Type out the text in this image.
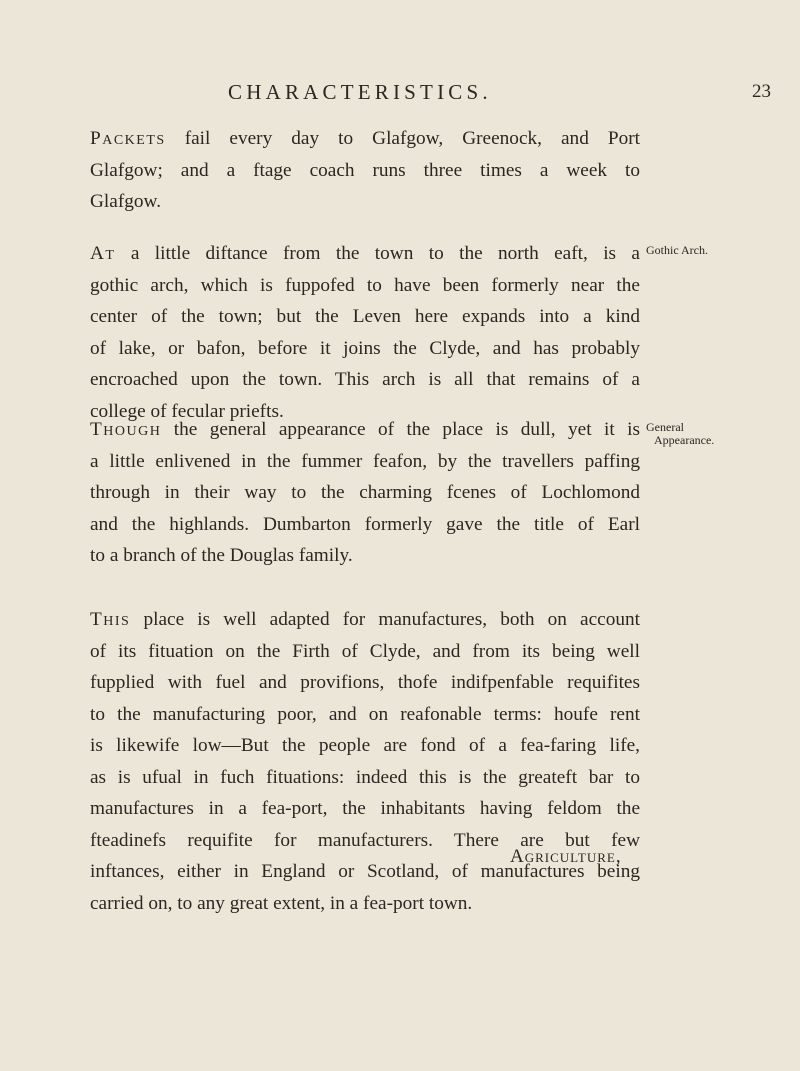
CHARACTERISTICS.	23
Packets fail every day to Glafgow, Greenock, and Port
Glafgow; and a ftage coach runs three times a week to
Glafgow.
At a little diftance from the town to the north eaft, is a
gothic arch, which is fuppofed to have been formerly near the
center of the town; but the Leven here expands into a kind
of lake, or bafon, before it joins the Clyde, and has probably
encroached upon the town. This arch is all that remains of a
college of fecular priefts.
Though the general appearance of the place is dull, yet it is
a little enlivened in the fummer feafon, by the travellers paffing
through in their way to the charming fcenes of Lochlomond
and the highlands. Dumbarton formerly gave the title of Earl
to a branch of the Douglas family.
This place is well adapted for manufactures, both on account
of its fituation on the Firth of Clyde, and from its being well
fupplied with fuel and provifions, thofe indifpenfable requifites
to the manufacturing poor, and on reafonable terms: houfe rent
is likewife low—But the people are fond of a fea-faring life,
as is ufual in fuch fituations: indeed this is the greateft bar to
manufactures in a fea-port, the inhabitants having feldom the
fteadinefs requifite for manufacturers. There are but few
inftances, either in England or Scotland, of manufactures being
carried on, to any great extent, in a fea-port town.
Gothic Arch.
General
Appearance.
Agriculture,
